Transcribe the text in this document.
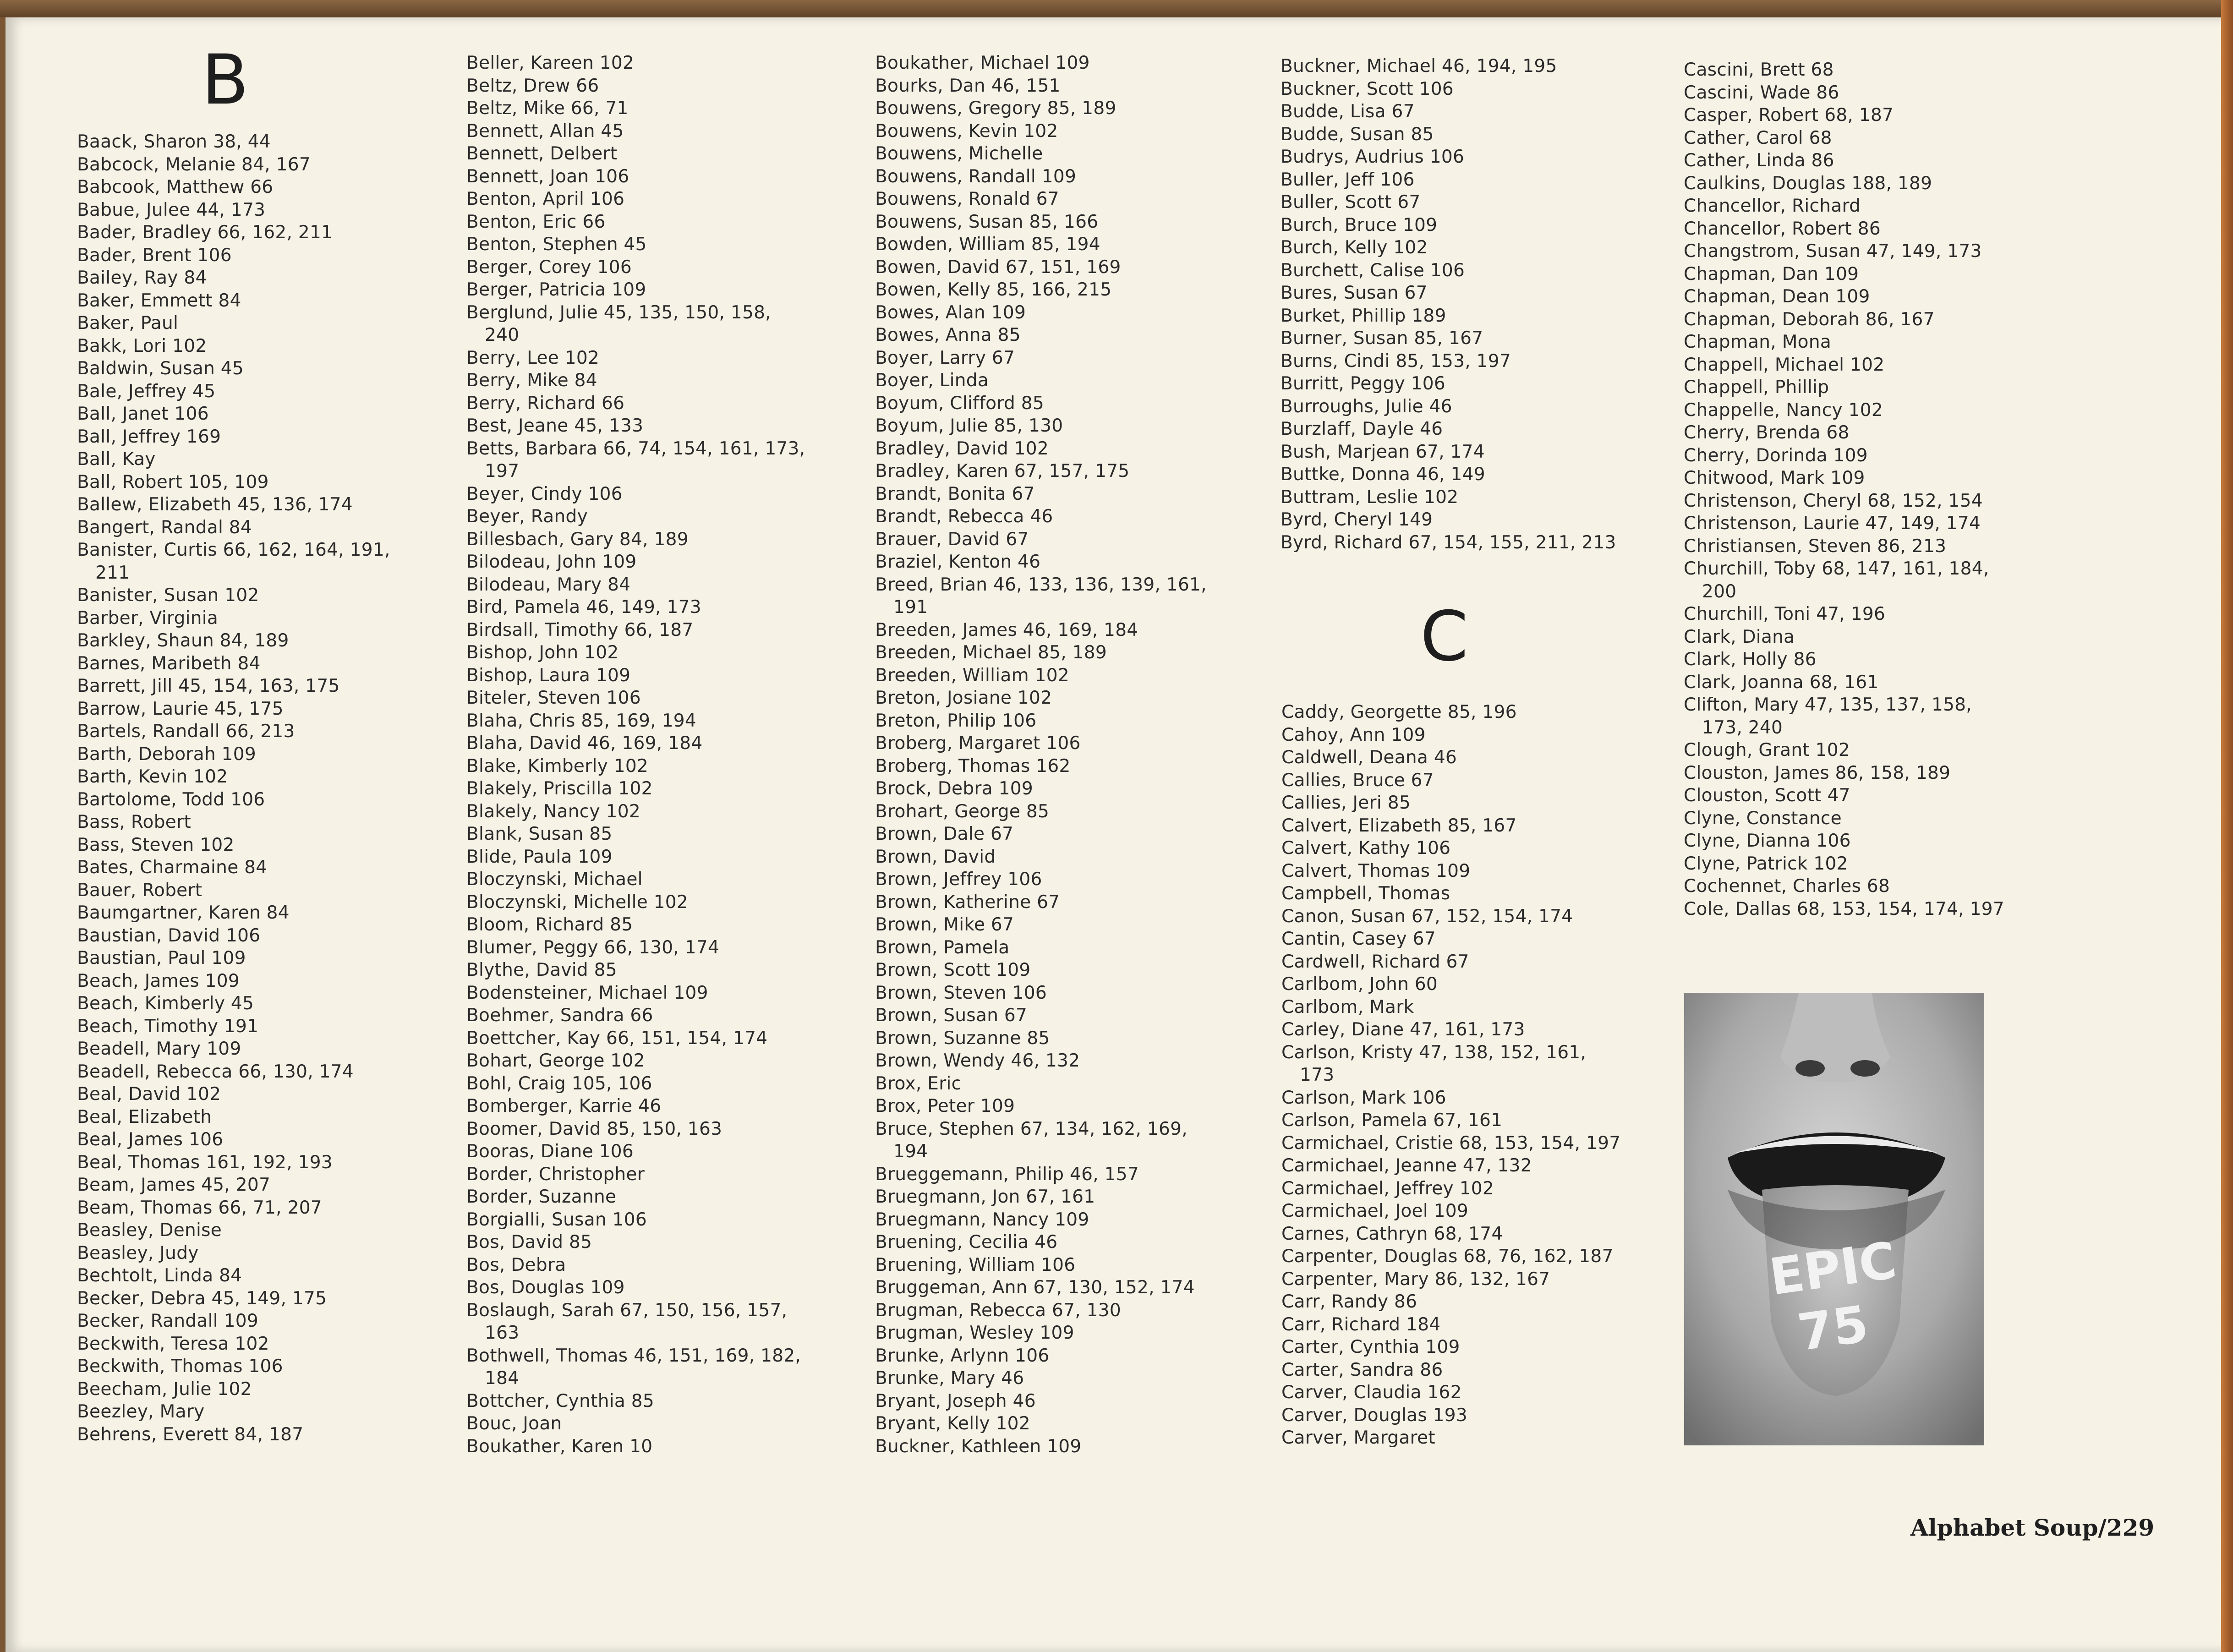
B
C
Baack, Sharon 38, 44
Babcock, Melanie 84, 167
Babcook, Matthew 66
Babue, Julee 44, 173
Bader, Bradley 66, 162, 211
Bader, Brent 106
Bailey, Ray 84
Baker, Emmett 84
Baker, Paul
Bakk, Lori 102
Baldwin, Susan 45
Bale, Jeffrey 45
Ball, Janet 106
Ball, Jeffrey 169
Ball, Kay
Ball, Robert 105, 109
Ballew, Elizabeth 45, 136, 174
Bangert, Randal 84
Banister, Curtis 66, 162, 164, 191,
211
Banister, Susan 102
Barber, Virginia
Barkley, Shaun 84, 189
Barnes, Maribeth 84
Barrett, Jill 45, 154, 163, 175
Barrow, Laurie 45, 175
Bartels, Randall 66, 213
Barth, Deborah 109
Barth, Kevin 102
Bartolome, Todd 106
Bass, Robert
Bass, Steven 102
Bates, Charmaine 84
Bauer, Robert
Baumgartner, Karen 84
Baustian, David 106
Baustian, Paul 109
Beach, James 109
Beach, Kimberly 45
Beach, Timothy 191
Beadell, Mary 109
Beadell, Rebecca 66, 130, 174
Beal, David 102
Beal, Elizabeth
Beal, James 106
Beal, Thomas 161, 192, 193
Beam, James 45, 207
Beam, Thomas 66, 71, 207
Beasley, Denise
Beasley, Judy
Bechtolt, Linda 84
Becker, Debra 45, 149, 175
Becker, Randall 109
Beckwith, Teresa 102
Beckwith, Thomas 106
Beecham, Julie 102
Beezley, Mary
Behrens, Everett 84, 187
Beller, Kareen 102
Beltz, Drew 66
Beltz, Mike 66, 71
Bennett, Allan 45
Bennett, Delbert
Bennett, Joan 106
Benton, April 106
Benton, Eric 66
Benton, Stephen 45
Berger, Corey 106
Berger, Patricia 109
Berglund, Julie 45, 135, 150, 158,
240
Berry, Lee 102
Berry, Mike 84
Berry, Richard 66
Best, Jeane 45, 133
Betts, Barbara 66, 74, 154, 161, 173,
197
Beyer, Cindy 106
Beyer, Randy
Billesbach, Gary 84, 189
Bilodeau, John 109
Bilodeau, Mary 84
Bird, Pamela 46, 149, 173
Birdsall, Timothy 66, 187
Bishop, John 102
Bishop, Laura 109
Biteler, Steven 106
Blaha, Chris 85, 169, 194
Blaha, David 46, 169, 184
Blake, Kimberly 102
Blakely, Priscilla 102
Blakely, Nancy 102
Blank, Susan 85
Blide, Paula 109
Bloczynski, Michael
Bloczynski, Michelle 102
Bloom, Richard 85
Blumer, Peggy 66, 130, 174
Blythe, David 85
Bodensteiner, Michael 109
Boehmer, Sandra 66
Boettcher, Kay 66, 151, 154, 174
Bohart, George 102
Bohl, Craig 105, 106
Bomberger, Karrie 46
Boomer, David 85, 150, 163
Booras, Diane 106
Border, Christopher
Border, Suzanne
Borgialli, Susan 106
Bos, David 85
Bos, Debra
Bos, Douglas 109
Boslaugh, Sarah 67, 150, 156, 157,
163
Bothwell, Thomas 46, 151, 169, 182,
184
Bottcher, Cynthia 85
Bouc, Joan
Boukather, Karen 10
Boukather, Michael 109
Bourks, Dan 46, 151
Bouwens, Gregory 85, 189
Bouwens, Kevin 102
Bouwens, Michelle
Bouwens, Randall 109
Bouwens, Ronald 67
Bouwens, Susan 85, 166
Bowden, William 85, 194
Bowen, David 67, 151, 169
Bowen, Kelly 85, 166, 215
Bowes, Alan 109
Bowes, Anna 85
Boyer, Larry 67
Boyer, Linda
Boyum, Clifford 85
Boyum, Julie 85, 130
Bradley, David 102
Bradley, Karen 67, 157, 175
Brandt, Bonita 67
Brandt, Rebecca 46
Brauer, David 67
Braziel, Kenton 46
Breed, Brian 46, 133, 136, 139, 161,
191
Breeden, James 46, 169, 184
Breeden, Michael 85, 189
Breeden, William 102
Breton, Josiane 102
Breton, Philip 106
Broberg, Margaret 106
Broberg, Thomas 162
Brock, Debra 109
Brohart, George 85
Brown, Dale 67
Brown, David
Brown, Jeffrey 106
Brown, Katherine 67
Brown, Mike 67
Brown, Pamela
Brown, Scott 109
Brown, Steven 106
Brown, Susan 67
Brown, Suzanne 85
Brown, Wendy 46, 132
Brox, Eric
Brox, Peter 109
Bruce, Stephen 67, 134, 162, 169,
194
Brueggemann, Philip 46, 157
Bruegmann, Jon 67, 161
Bruegmann, Nancy 109
Bruening, Cecilia 46
Bruening, William 106
Bruggeman, Ann 67, 130, 152, 174
Brugman, Rebecca 67, 130
Brugman, Wesley 109
Brunke, Arlynn 106
Brunke, Mary 46
Bryant, Joseph 46
Bryant, Kelly 102
Buckner, Kathleen 109
Buckner, Michael 46, 194, 195
Buckner, Scott 106
Budde, Lisa 67
Budde, Susan 85
Budrys, Audrius 106
Buller, Jeff 106
Buller, Scott 67
Burch, Bruce 109
Burch, Kelly 102
Burchett, Calise 106
Bures, Susan 67
Burket, Phillip 189
Burner, Susan 85, 167
Burns, Cindi 85, 153, 197
Burritt, Peggy 106
Burroughs, Julie 46
Burzlaff, Dayle 46
Bush, Marjean 67, 174
Buttke, Donna 46, 149
Buttram, Leslie 102
Byrd, Cheryl 149
Byrd, Richard 67, 154, 155, 211, 213
Caddy, Georgette 85, 196
Cahoy, Ann 109
Caldwell, Deana 46
Callies, Bruce 67
Callies, Jeri 85
Calvert, Elizabeth 85, 167
Calvert, Kathy 106
Calvert, Thomas 109
Campbell, Thomas
Canon, Susan 67, 152, 154, 174
Cantin, Casey 67
Cardwell, Richard 67
Carlbom, John 60
Carlbom, Mark
Carley, Diane 47, 161, 173
Carlson, Kristy 47, 138, 152, 161,
173
Carlson, Mark 106
Carlson, Pamela 67, 161
Carmichael, Cristie 68, 153, 154, 197
Carmichael, Jeanne 47, 132
Carmichael, Jeffrey 102
Carmichael, Joel 109
Carnes, Cathryn 68, 174
Carpenter, Douglas 68, 76, 162, 187
Carpenter, Mary 86, 132, 167
Carr, Randy 86
Carr, Richard 184
Carter, Cynthia 109
Carter, Sandra 86
Carver, Claudia 162
Carver, Douglas 193
Carver, Margaret
Cascini, Brett 68
Cascini, Wade 86
Casper, Robert 68, 187
Cather, Carol 68
Cather, Linda 86
Caulkins, Douglas 188, 189
Chancellor, Richard
Chancellor, Robert 86
Changstrom, Susan 47, 149, 173
Chapman, Dan 109
Chapman, Dean 109
Chapman, Deborah 86, 167
Chapman, Mona
Chappell, Michael 102
Chappell, Phillip
Chappelle, Nancy 102
Cherry, Brenda 68
Cherry, Dorinda 109
Chitwood, Mark 109
Christenson, Cheryl 68, 152, 154
Christenson, Laurie 47, 149, 174
Christiansen, Steven 86, 213
Churchill, Toby 68, 147, 161, 184,
200
Churchill, Toni 47, 196
Clark, Diana
Clark, Holly 86
Clark, Joanna 68, 161
Clifton, Mary 47, 135, 137, 158,
173, 240
Clough, Grant 102
Clouston, James 86, 158, 189
Clouston, Scott 47
Clyne, Constance
Clyne, Dianna 106
Clyne, Patrick 102
Cochennet, Charles 68
Cole, Dallas 68, 153, 154, 174, 197
EPIC
75
Alphabet Soup/229
